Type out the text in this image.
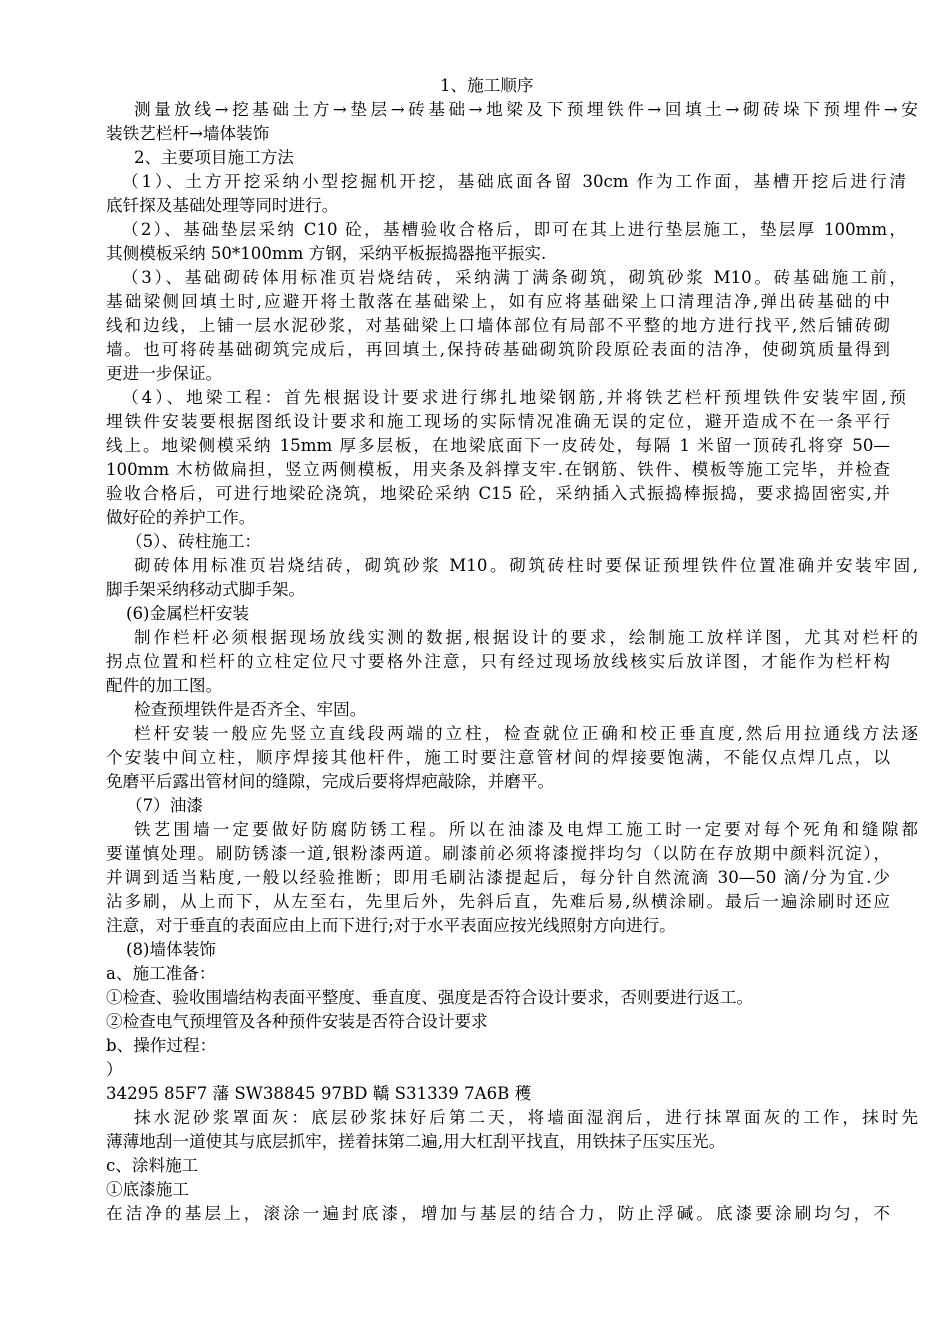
1、施工顺序
测量放线→挖基础土方→垫层→砖基础→地梁及下预埋铁件→回填土→砌砖垛下预埋件→安
装铁艺栏杆→墙体装饰
2、主要项目施工方法
（1）、土方开挖采纳小型挖掘机开挖，基础底面各留 30cm 作为工作面，基槽开挖后进行清
底钎探及基础处理等同时进行。
（2）、基础垫层采纳 C10 砼，基槽验收合格后，即可在其上进行垫层施工，垫层厚 100mm，
其侧模板采纳 50*100mm 方钢，采纳平板振捣器拖平振实.
（3）、基础砌砖体用标准页岩烧结砖，采纳满丁满条砌筑，砌筑砂浆 M10。砖基础施工前，
基础梁侧回填土时,应避开将土散落在基础梁上，如有应将基础梁上口清理洁净,弹出砖基础的中
线和边线，上铺一层水泥砂浆，对基础梁上口墙体部位有局部不平整的地方进行找平,然后铺砖砌
墙。也可将砖基础砌筑完成后，再回填土,保持砖基础砌筑阶段原砼表面的洁净，使砌筑质量得到
更进一步保证。
（4）、地梁工程：首先根据设计要求进行绑扎地梁钢筋,并将铁艺栏杆预埋铁件安装牢固,预
埋铁件安装要根据图纸设计要求和施工现场的实际情况准确无误的定位，避开造成不在一条平行
线上。地梁侧模采纳 15mm 厚多层板，在地梁底面下一皮砖处，每隔 1 米留一顶砖孔将穿 50—
100mm 木枋做扁担，竖立两侧模板，用夹条及斜撑支牢.在钢筋、铁件、模板等施工完毕，并检查
验收合格后，可进行地梁砼浇筑，地梁砼采纳 C15 砼，采纳插入式振捣棒振捣，要求捣固密实,并
做好砼的养护工作。
（5）、砖柱施工：
砌砖体用标准页岩烧结砖，砌筑砂浆 M10。砌筑砖柱时要保证预埋铁件位置准确并安装牢固,
脚手架采纳移动式脚手架。
(6)金属栏杆安装
制作栏杆必须根据现场放线实测的数据,根据设计的要求，绘制施工放样详图，尤其对栏杆的
拐点位置和栏杆的立柱定位尺寸要格外注意，只有经过现场放线核实后放详图，才能作为栏杆构
配件的加工图。
检查预埋铁件是否齐全、牢固。
栏杆安装一般应先竖立直线段两端的立柱，检查就位正确和校正垂直度,然后用拉通线方法逐
个安装中间立柱，顺序焊接其他杆件，施工时要注意管材间的焊接要饱满，不能仅点焊几点，以
免磨平后露出管材间的缝隙，完成后要将焊疤敲除，并磨平。
（7）油漆
铁艺围墙一定要做好防腐防锈工程。所以在油漆及电焊工施工时一定要对每个死角和缝隙都
要谨慎处理。刷防锈漆一道,银粉漆两道。刷漆前必须将漆搅拌均匀（以防在存放期中颜料沉淀），
并调到适当粘度,一般以经验推断；即用毛刷沾漆提起后，每分针自然流滴 30—50 滴/分为宜.少
沾多刷，从上而下，从左至右，先里后外，先斜后直，先难后易,纵横涂刷。最后一遍涂刷时还应
注意，对于垂直的表面应由上而下进行;对于水平表面应按光线照射方向进行。
(8)墙体装饰
a、施工准备：
①检查、验收围墙结构表面平整度、垂直度、强度是否符合设计要求，否则要进行返工。
②检查电气预埋管及各种预件安装是否符合设计要求
b、操作过程：
）
34295 85F7 藩 SW38845 97BD 鞽 S31339 7A6B 穫
抹水泥砂浆罩面灰：底层砂浆抹好后第二天，将墙面湿润后，进行抹罩面灰的工作，抹时先
薄薄地刮一道使其与底层抓牢，搓着抹第二遍,用大杠刮平找直，用铁抹子压实压光。
c、涂料施工
①底漆施工
在洁净的基层上，滚涂一遍封底漆，增加与基层的结合力，防止浮碱。底漆要涂刷均匀，不
